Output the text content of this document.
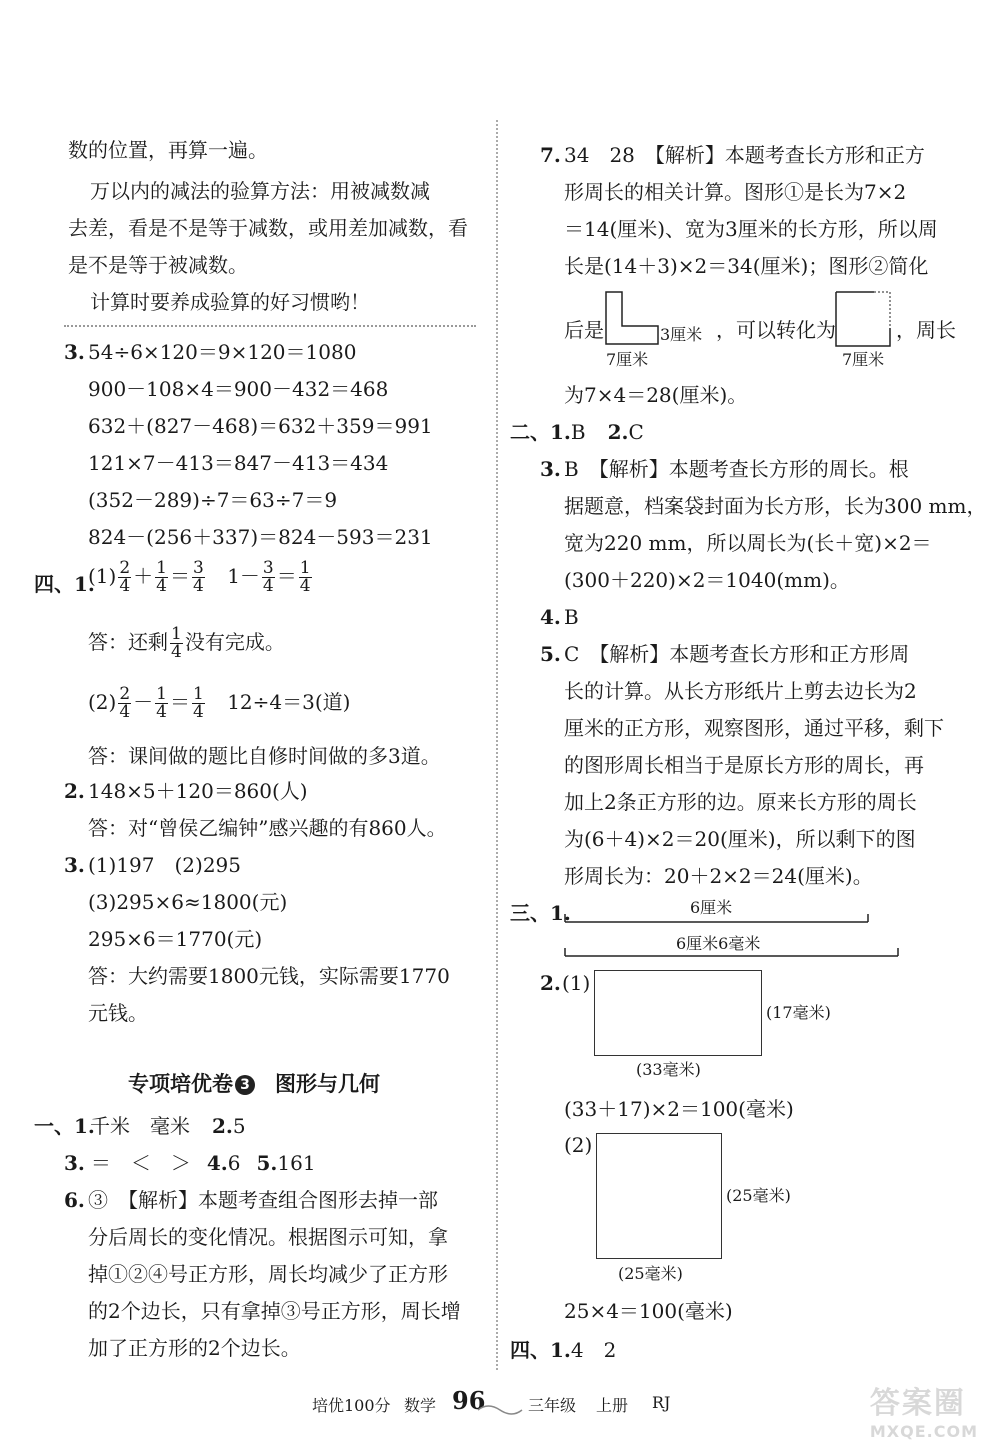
数的位置，再算一遍。
万以内的减法的验算方法：用被减数减
去差，看是不是等于减数，或用差加减数，看
是不是等于被减数。
计算时要养成验算的好习惯哟！
3. 54÷6×120＝9×120＝1080
900－108×4＝900－432＝468
632＋(827－468)＝632＋359＝991
121×7－413＝847－413＝434
(352－289)÷7＝63÷7＝9
824－(256＋337)＝824－593＝231
四、1.
$(1) \frac{2}{4} + \frac{1}{4} = \frac{3}{4} 1- \frac{3}{4} = \frac{1}{4}$
答：还剩 $\frac{1}{4}$ 没有完成。
$(2) \frac{2}{4} - \frac{1}{4} = \frac{1}{4} 12\div 4=3$(道)
答：课间做的题比自修时间做的多3道。
2. 148×5＋120＝860(人)
答：对“曾侯乙编钟”感兴趣的有860人。
3. (1)197　(2)295
(3)295×6≈1800(元)
295×6＝1770(元)
答：大约需要1800元钱，实际需要1770
元钱。
专项培优卷 3 图形与几何
一、1.
千米　毫米 2.5
3. ＝　＜　＞ 4.6 5.161
6. ③　【解析】本题考查组合图形去掉一部
分后周长的变化情况。根据图示可知，拿
掉①②④号正方形，周长均减少了正方形
的2个边长，只有拿掉③号正方形，周长增
加了正方形的2个边长。
7. 34　28　【解析】本题考查长方形和正方
形周长的相关计算。图形①是长为7×2
＝14(厘米)、宽为3厘米的长方形，所以周
长是(14＋3)×2＝34(厘米)；图形②简化
后是	3厘米
7厘米
，可以转化为
7厘米
，周长
为7×4＝28(厘米)。
二、1.B 2.C
3. B　【解析】本题考查长方形的周长。根
据题意，档案袋封面为长方形，长为300 mm，
宽为220 mm，所以周长为(长＋宽)×2＝
(300＋220)×2＝1040(mm)。
4. B
5. C　【解析】本题考查长方形和正方形周
长的计算。从长方形纸片上剪去边长为2
厘米的正方形，观察图形，通过平移，剩下
的图形周长相当于是原长方形的周长，再
加上2条正方形的边。原来长方形的周长
为(6＋4)×2＝20(厘米)，所以剩下的图
形周长为：20＋2×2＝24(厘米)。
三、1.	6厘米
6厘米6毫米
2. (1)
(17毫米)
(33毫米)
(33＋17)×2＝100(毫米)
(2)
(25毫米)
(25毫米)
25×4＝100(毫米)
四、1.4　2
培优100分 数学 96	三年级 上册 RJ	答案圈
MXQE.COM
